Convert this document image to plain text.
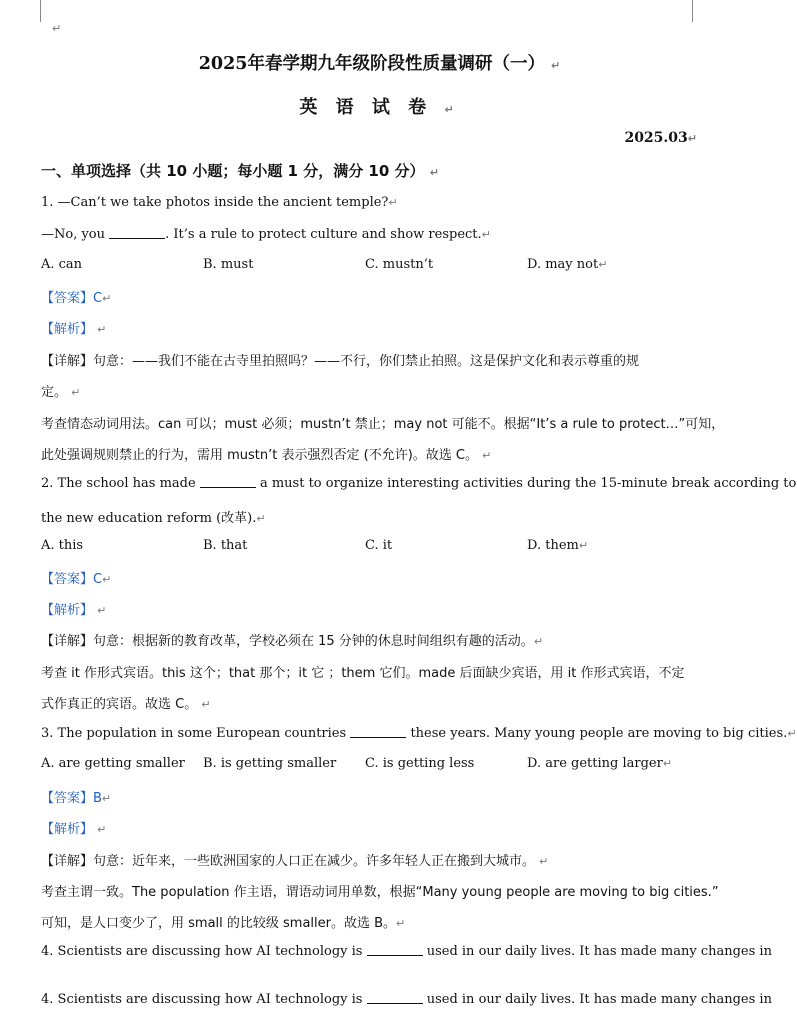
↵
2025年春学期九年级阶段性质量调研（一） ↵
英 语 试 卷 ↵
2025.03↵
一、单项选择（共 10 小题；每小题 1 分，满分 10 分） ↵
1. —Can’t we take photos inside the ancient temple?↵
—No, you	. It’s a rule to protect culture and show respect.↵
A. can	B. must	C. mustn’t	D. may not↵
【答案】C↵
【解析】 ↵
【详解】句意：——我们不能在古寺里拍照吗？——不行，你们禁止拍照。这是保护文化和表示尊重的规
定。 ↵
考查情态动词用法。can 可以；must 必须；mustn’t 禁止；may not 可能不。根据“It’s a rule to protect…”可知，
此处强调规则禁止的行为，需用 mustn’t 表示强烈否定 (不允许)。故选 C。 ↵
2. The school has made	a must to organize interesting activities during the 15-minute break according to
the new education reform (改革).↵
A. this	B. that	C. it	D. them↵
【答案】C↵
【解析】 ↵
【详解】句意：根据新的教育改革，学校必须在 15 分钟的休息时间组织有趣的活动。↵
考查 it 作形式宾语。this 这个；that 那个；it 它 ；them 它们。made 后面缺少宾语，用 it 作形式宾语，不定
式作真正的宾语。故选 C。 ↵
3. The population in some European countries	these years. Many young people are moving to big cities.↵
A. are getting smaller	B. is getting smaller	C. is getting less	D. are getting larger↵
【答案】B↵
【解析】 ↵
【详解】句意：近年来，一些欧洲国家的人口正在减少。许多年轻人正在搬到大城市。 ↵
考查主谓一致。The population 作主语，谓语动词用单数，根据“Many young people are moving to big cities.”
可知，是人口变少了，用 small 的比较级 smaller。故选 B。↵
4. Scientists are discussing how AI technology is	used in our daily lives. It has made many changes in
4. Scientists are discussing how AI technology is	used in our daily lives. It has made many changes in
